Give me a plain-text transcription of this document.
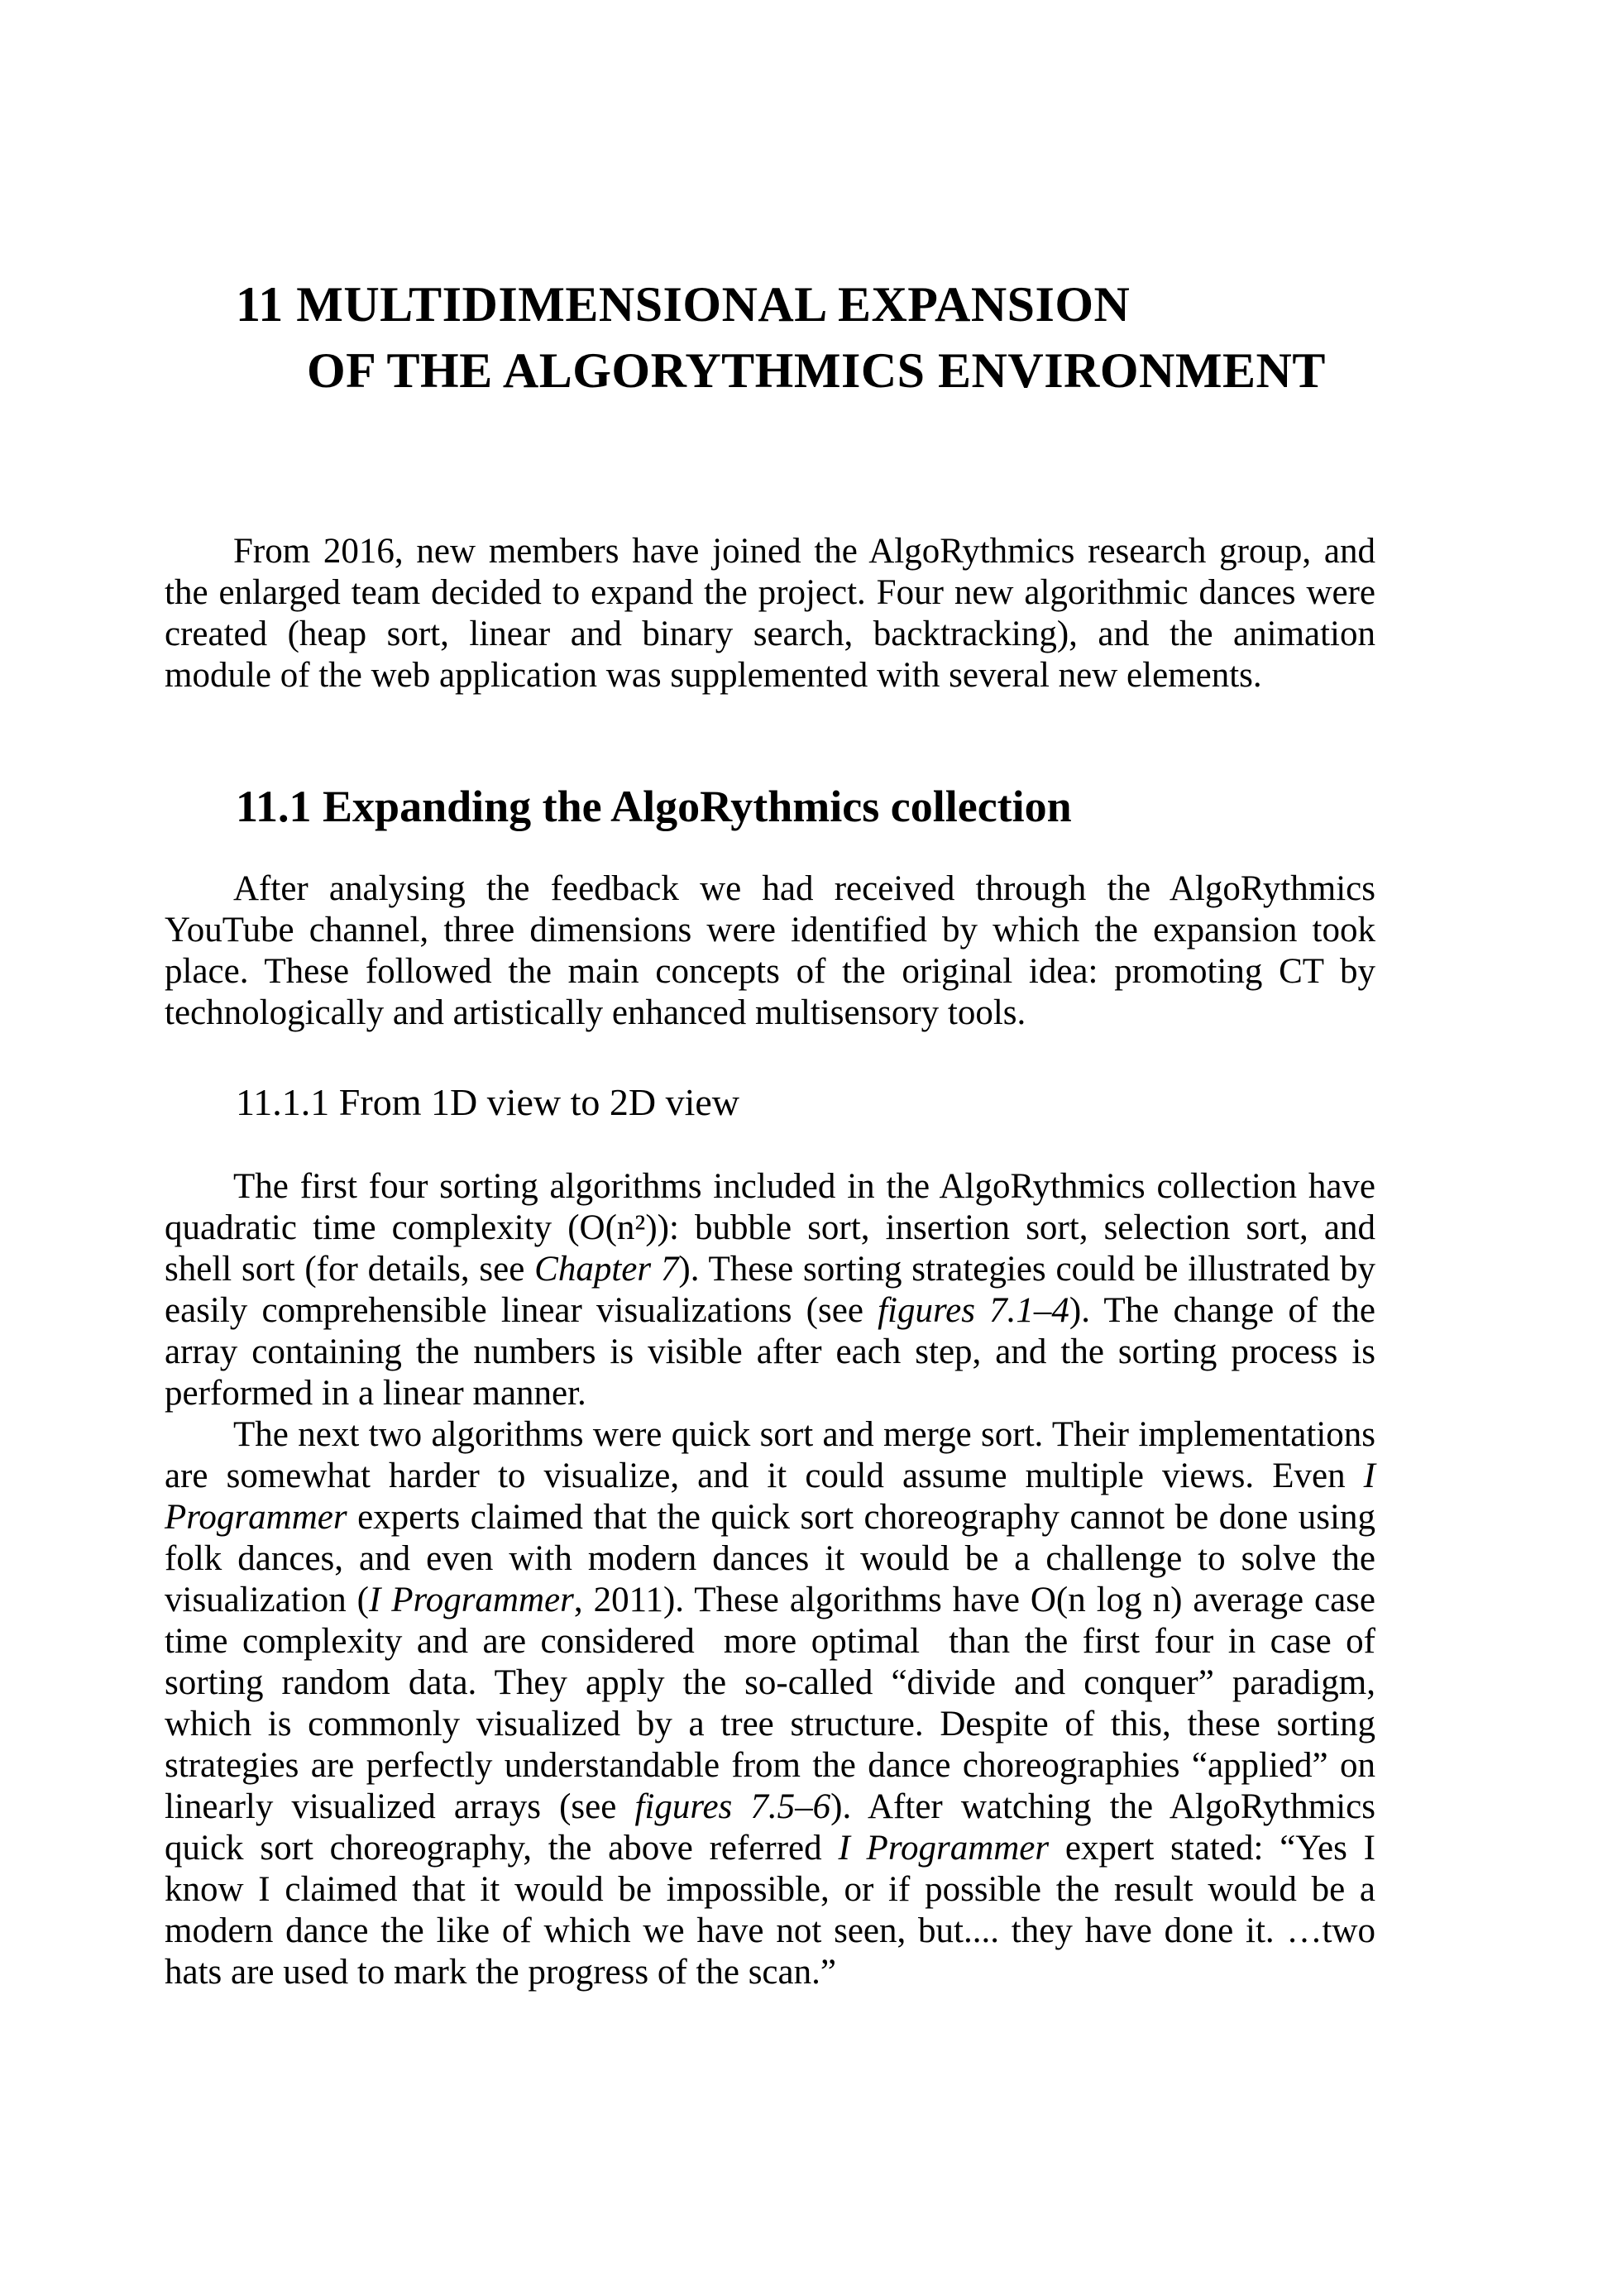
11 MULTIDIMENSIONAL EXPANSION
OF THE ALGORYTHMICS ENVIRONMENT

From 2016, new members have joined the AlgoRythmics research group, and the enlarged team decided to expand the project. Four new algorithmic dances were created (heap sort, linear and binary search, backtracking), and the animation module of the web application was supplemented with several new elements.

11.1 Expanding the AlgoRythmics collection

After analysing the feedback we had received through the AlgoRythmics YouTube channel, three dimensions were identified by which the expansion took place. These followed the main concepts of the original idea: promoting CT by technologically and artistically enhanced multisensory tools.

11.1.1 From 1D view to 2D view

The first four sorting algorithms included in the AlgoRythmics collection have quadratic time complexity (O(n²)): bubble sort, insertion sort, selection sort, and shell sort (for details, see Chapter 7). These sorting strategies could be illustrated by easily comprehensible linear visualizations (see figures 7.1–4). The change of the array containing the numbers is visible after each step, and the sorting process is performed in a linear manner.

The next two algorithms were quick sort and merge sort. Their implementations are somewhat harder to visualize, and it could assume multiple views. Even I Programmer experts claimed that the quick sort choreography cannot be done using folk dances, and even with modern dances it would be a challenge to solve the visualization (I Programmer, 2011). These algorithms have O(n log n) average case time complexity and are considered  more optimal  than the first four in case of sorting random data. They apply the so-called “divide and conquer” paradigm, which is commonly visualized by a tree structure. Despite of this, these sorting strategies are perfectly understandable from the dance choreographies “applied” on linearly visualized arrays (see figures 7.5–6). After watching the AlgoRythmics quick sort choreography, the above referred I Programmer expert stated: “Yes I know I claimed that it would be impossible, or if possible the result would be a modern dance the like of which we have not seen, but.... they have done it. …two hats are used to mark the progress of the scan.”
